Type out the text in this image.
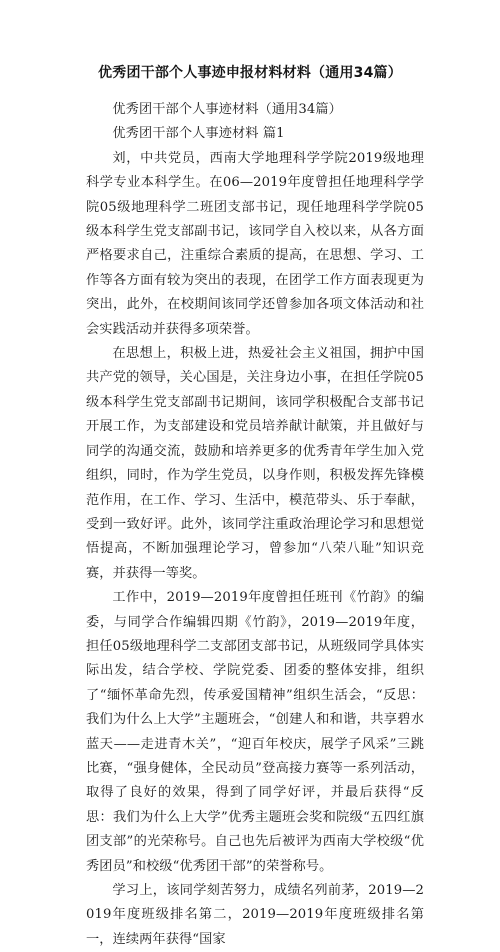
优秀团干部个人事迹申报材料材料（通用34篇）

优秀团干部个人事迹材料（通用34篇）

优秀团干部个人事迹材料 篇1

刘，中共党员，西南大学地理科学学院2019级地理科学专业本科学生。在06—2019年度曾担任地理科学学院05级地理科学二班团支部书记，现任地理科学学院05级本科学生党支部副书记，该同学自入校以来，从各方面严格要求自己，注重综合素质的提高，在思想、学习、工作等各方面有较为突出的表现，在团学工作方面表现更为突出，此外，在校期间该同学还曾参加各项文体活动和社会实践活动并获得多项荣誉。

在思想上，积极上进，热爱社会主义祖国，拥护中国共产党的领导，关心国是，关注身边小事，在担任学院05级本科学生党支部副书记期间，该同学积极配合支部书记开展工作，为支部建设和党员培养献计献策，并且做好与同学的沟通交流，鼓励和培养更多的优秀青年学生加入党组织，同时，作为学生党员，以身作则，积极发挥先锋模范作用，在工作、学习、生活中，模范带头、乐于奉献，受到一致好评。此外，该同学注重政治理论学习和思想觉悟提高，不断加强理论学习，曾参加“八荣八耻”知识竞赛，并获得一等奖。

工作中，2019—2019年度曾担任班刊《竹韵》的编委，与同学合作编辑四期《竹韵》，2019—2019年度，担任05级地理科学二支部团支部书记，从班级同学具体实际出发，结合学校、学院党委、团委的整体安排，组织了“缅怀革命先烈，传承爱国精神”组织生活会，“反思：我们为什么上大学”主题班会，“创建人和和谐，共享碧水蓝天——走进青木关”，“迎百年校庆，展学子风采”三跳比赛，“强身健体，全民动员”登高接力赛等一系列活动，取得了良好的效果，得到了同学好评，并最后获得“反思：我们为什么上大学”优秀主题班会奖和院级“五四红旗团支部”的光荣称号。自己也先后被评为西南大学校级“优秀团员”和校级“优秀团干部”的荣誉称号。

学习上，该同学刻苦努力，成绩名列前茅，2019—2019年度班级排名第二，2019—2019年度班级排名第一，连续两年获得“国家
